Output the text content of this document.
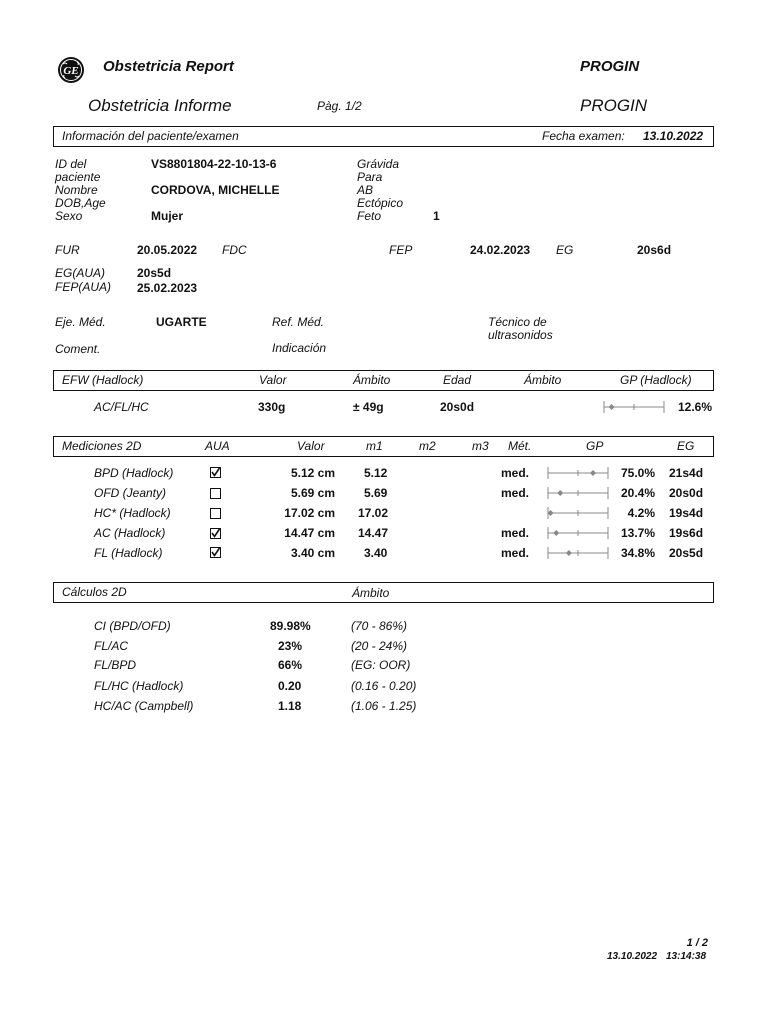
GE Obstetricia Report	PROGIN
Obstetricia Informe	Pàg. 1/2	PROGIN
Información del paciente/examen	Fecha examen: 13.10.2022
ID del
paciente
VS8801804-22-10-13-6
Nombre	CORDOVA, MICHELLE
DOB,Age
Sexo	Mujer
Grávida
Para
AB
Ectópico
Feto	1
FUR	20.05.2022 FDC	FEP	24.02.2023 EG	20s6d
EG(AUA)	20s5d
FEP(AUA) 25.02.2023
Eje. Méd.	UGARTE	Ref. Méd.	Técnico de
ultrasonidos
Coment.	Indicación
EFW (Hadlock)	Valor	Ámbito	Edad	Ámbito	GP (Hadlock)
AC/FL/HC	330g	± 49g	20s0d	12.6%
Mediciones 2D	AUA	Valor	m1	m2	m3 Mét.	GP	EG
BPD (Hadlock)	5.12 cm 5.12	med.	75.0% 21s4d
OFD (Jeanty)	5.69 cm 5.69	med.	20.4% 20s0d
HC* (Hadlock)	17.02 cm 17.02	4.2% 19s4d
AC (Hadlock)	14.47 cm 14.47	med.	13.7% 19s6d
FL (Hadlock)	3.40 cm 3.40	med.	34.8% 20s5d
Cálculos 2D	Ámbito
CI (BPD/OFD)	89.98%	(70 - 86%)
FL/AC	23%	(20 - 24%)
FL/BPD	66%	(EG: OOR)
FL/HC (Hadlock)	0.20	(0.16 - 0.20)
HC/AC (Campbell)	1.18	(1.06 - 1.25)
1 / 2
13.10.2022 13:14:38
